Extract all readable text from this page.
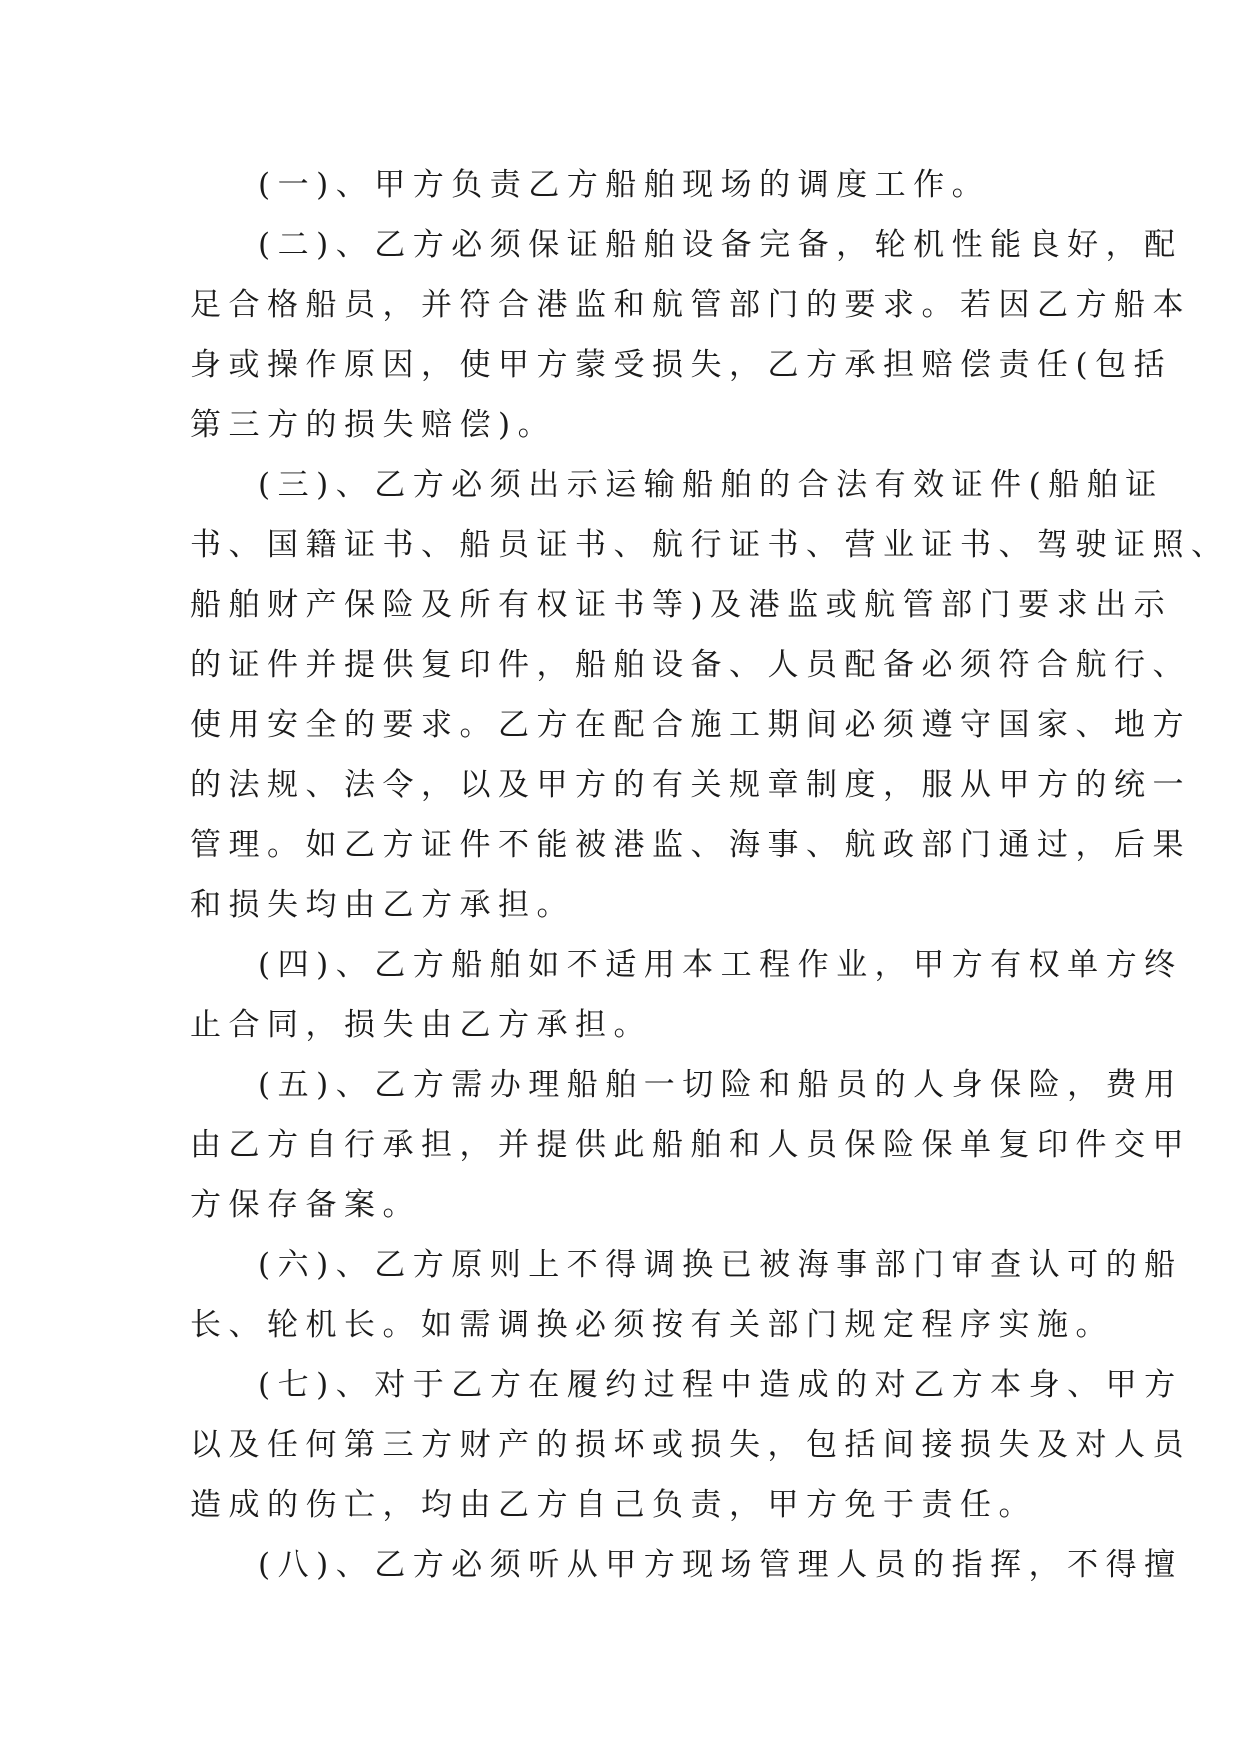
(一)、甲方负责乙方船舶现场的调度工作。
(二)、乙方必须保证船舶设备完备，轮机性能良好，配
足合格船员，并符合港监和航管部门的要求。若因乙方船本
身或操作原因，使甲方蒙受损失，乙方承担赔偿责任(包括
第三方的损失赔偿)。
(三)、乙方必须出示运输船舶的合法有效证件(船舶证
书、国籍证书、船员证书、航行证书、营业证书、驾驶证照、
船舶财产保险及所有权证书等)及港监或航管部门要求出示
的证件并提供复印件，船舶设备、人员配备必须符合航行、
使用安全的要求。乙方在配合施工期间必须遵守国家、地方
的法规、法令，以及甲方的有关规章制度，服从甲方的统一
管理。如乙方证件不能被港监、海事、航政部门通过，后果
和损失均由乙方承担。
(四)、乙方船舶如不适用本工程作业，甲方有权单方终
止合同，损失由乙方承担。
(五)、乙方需办理船舶一切险和船员的人身保险，费用
由乙方自行承担，并提供此船舶和人员保险保单复印件交甲
方保存备案。
(六)、乙方原则上不得调换已被海事部门审查认可的船
长、轮机长。如需调换必须按有关部门规定程序实施。
(七)、对于乙方在履约过程中造成的对乙方本身、甲方
以及任何第三方财产的损坏或损失，包括间接损失及对人员
造成的伤亡，均由乙方自己负责，甲方免于责任。
(八)、乙方必须听从甲方现场管理人员的指挥，不得擅
